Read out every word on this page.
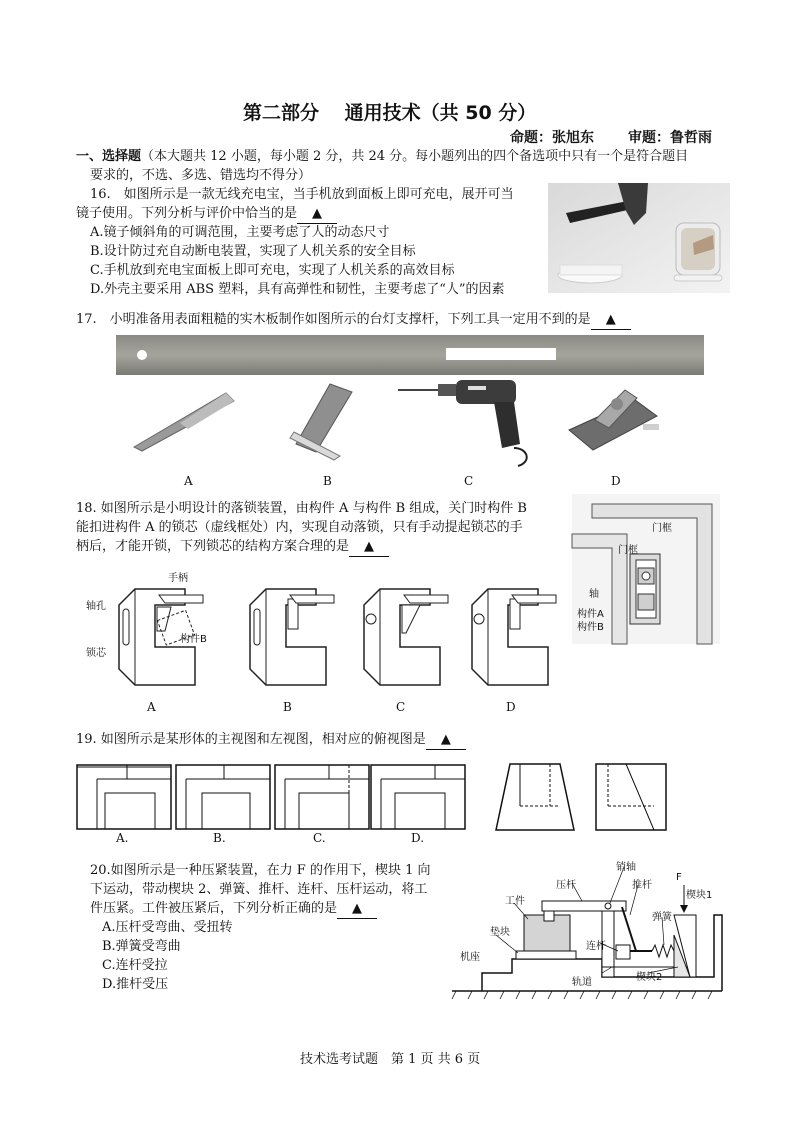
第二部分　 通用技术（共 50 分）
命题：张旭东 审题：鲁哲雨
一、选择题（本大题共 12 小题，每小题 2 分，共 24 分。每小题列出的四个备选项中只有一个是符合题目
要求的，不选、多选、错选均不得分）
16.　如图所示是一款无线充电宝，当手机放到面板上即可充电，展开可当
镜子使用。下列分析与评价中恰当的是 ▲
A.镜子倾斜角的可调范围，主要考虑了人的动态尺寸
B.设计防过充自动断电装置，实现了人机关系的安全目标
C.手机放到充电宝面板上即可充电，实现了人机关系的高效目标
D.外壳主要采用 ABS 塑料，具有高弹性和韧性，主要考虑了“人”的因素
17.　小明准备用表面粗糙的实木板制作如图所示的台灯支撑杆，下列工具一定用不到的是 ▲
A	B	C	D
18. 如图所示是小明设计的落锁装置，由构件 A 与构件 B 组成，关门时构件 B
能扣进构件 A 的锁芯（虚线框处）内，实现自动落锁，只有手动提起锁芯的手
柄后，才能开锁，下列锁芯的结构方案合理的是 ▲
门框
门框
轴
构件A
构件B
手柄
轴孔
锁芯
构件B
A	B	C	D
19. 如图所示是某形体的主视图和左视图，相对应的俯视图是 ▲
A.	B.	C.	D.
20.如图所示是一种压紧装置，在力 F 的作用下，楔块 1 向
下运动，带动楔块 2、弹簧、推杆、连杆、压杆运动，将工
件压紧。工件被压紧后，下列分析正确的是 ▲
A.压杆受弯曲、受扭转
B.弹簧受弯曲
C.连杆受拉
D.推杆受压
销轴
压杆	推杆
F
楔块1
工件
弹簧
垫块
连杆
机座
轨道	楔块2
技术选考试题　第 1 页 共 6 页
